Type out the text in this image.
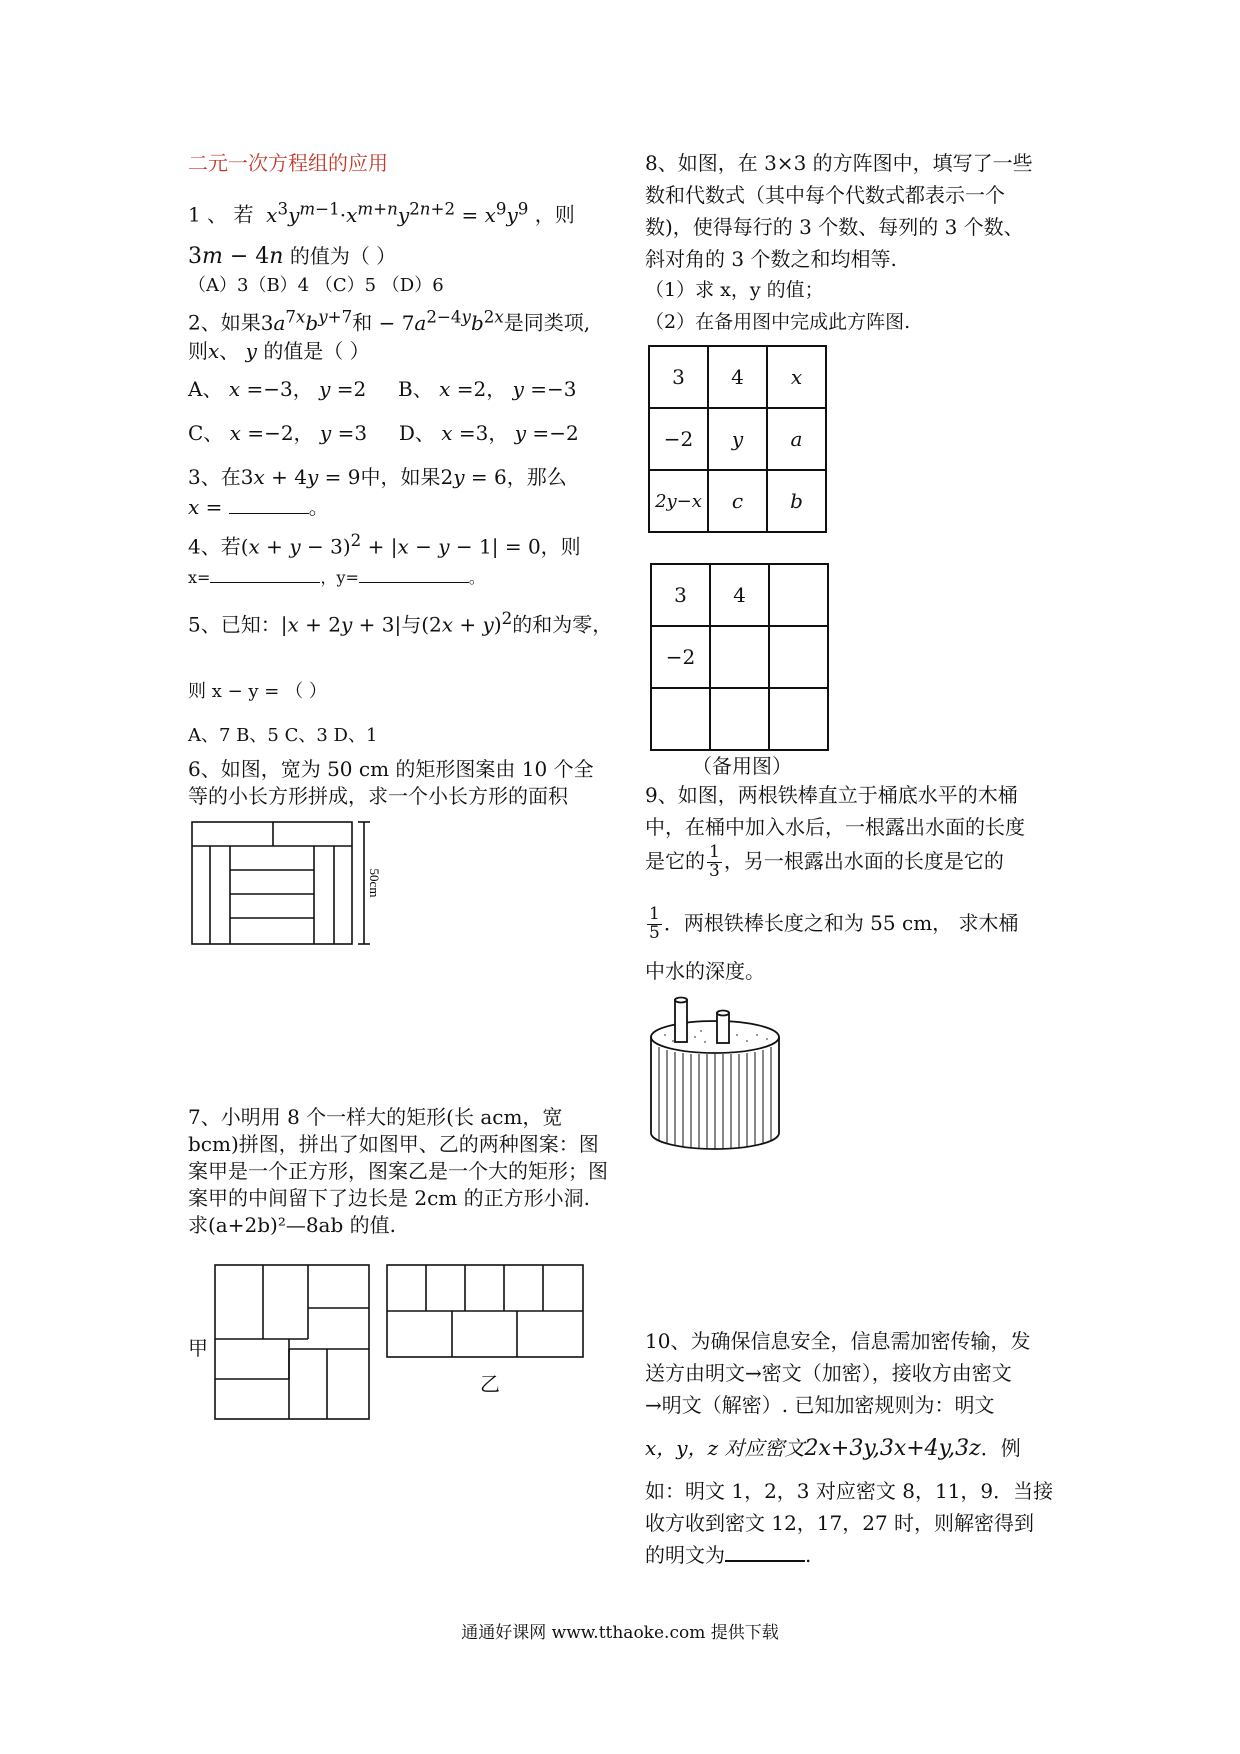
二元一次方程组的应用
1 、 若 $x^3y^{m-1}\cdot x^{m+n}y^{2n+2} = x^9y^9$ ，则
3m − 4n 的值为（ ）
（A）3（B）4 （C）5 （D）6
2、如果$3a^{7x}b^{y+7}$和 − $7a^{2-4y}b^{2x}$是同类项,
则x、 y 的值是（ ）
A、 x =−3， y =2     B、 x =2， y =−3
C、 x =−2， y =3     D、 x =3， y =−2
3、在3x + 4y = 9中，如果2y = 6，那么
x =	。
4、若$(x + y - 3)^2 + |x - y - 1| = 0$，则
x=	，y=	。
5、已知：|x + 2y + 3|与$(2x + y)^2$的和为零，
则 x − y = （ ）
A、7 B、5 C、3 D、1
6、如图，宽为 50 cm 的矩形图案由 10 个全等的小长方形拼成，求一个小长方形的面积
50cm
7、小明用 8 个一样大的矩形(长 acm，宽 bcm)拼图，拼出了如图甲、乙的两种图案：图案甲是一个正方形，图案乙是一个大的矩形；图案甲的中间留下了边长是 2cm 的正方形小洞. 求(a+2b)²—8ab 的值.
甲
乙
8、如图，在 3×3 的方阵图中，填写了一些
数和代数式（其中每个代数式都表示一个
数)，使得每行的 3 个数、每列的 3 个数、
斜对角的 3 个数之和均相等.
（1）求 x，y 的值；
（2）在备用图中完成此方阵图.
3	4	x
−2	y	a
2y−x	c	b
3	4	
−2		

（备用图）
9、如图，两根铁棒直立于桶底水平的木桶
中，在桶中加入水后，一根露出水面的长度
是它的 $\frac{1}{3}$ ，另一根露出水面的长度是它的
$\frac{1}{5}$ ．两根铁棒长度之和为 55 cm， 求木桶
中水的深度。
10、为确保信息安全，信息需加密传输，发
送方由明文→密文（加密），接收方由密文
→明文（解密）. 已知加密规则为：明文
x，y，z 对应密文2x+3y,3x+4y,3z．例
如：明文 1，2，3 对应密文 8，11，9．当接
收方收到密文 12，17，27 时，则解密得到
的明文为	.
通通好课网 www.tthaoke.com 提供下载
